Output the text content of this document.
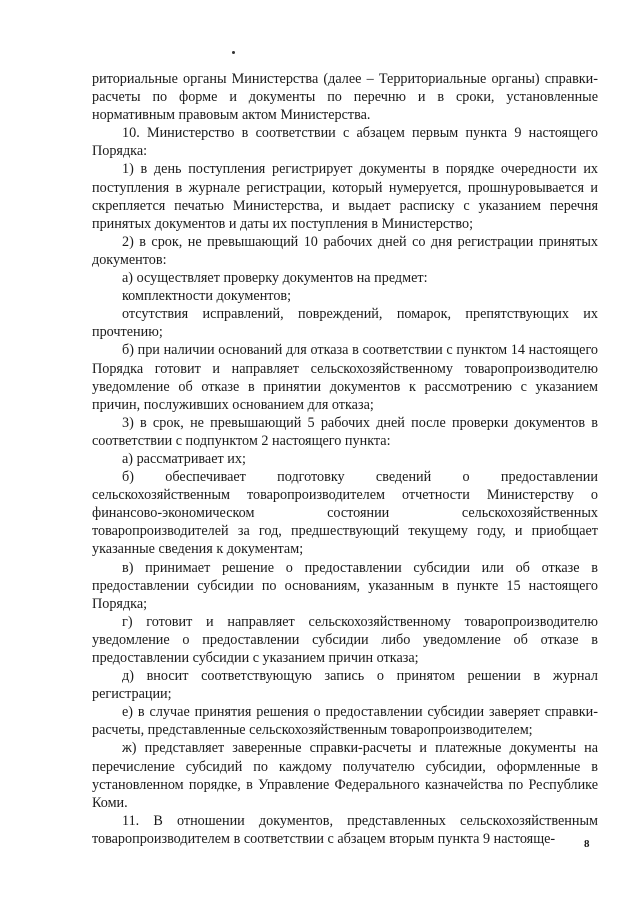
риториальные органы Министерства (далее – Территориальные органы) справки-расчеты по форме и документы по перечню и в сроки, установленные нормативным правовым актом Министерства.

10. Министерство в соответствии с абзацем первым пункта 9 настоящего Порядка:

1) в день поступления регистрирует документы в порядке очередности их поступления в журнале регистрации, который нумеруется, прошнуровывается и скрепляется печатью Министерства, и выдает расписку с указанием перечня принятых документов и даты их поступления в Министерство;

2) в срок, не превышающий 10 рабочих дней со дня регистрации принятых документов:

а) осуществляет проверку документов на предмет:

комплектности документов;

отсутствия исправлений, повреждений, помарок, препятствующих их прочтению;

б) при наличии оснований для отказа в соответствии с пунктом 14 настоящего Порядка готовит и направляет сельскохозяйственному товаропроизводителю уведомление об отказе в принятии документов к рассмотрению с указанием причин, послуживших основанием для отказа;

3) в срок, не превышающий 5 рабочих дней после проверки документов в соответствии с подпунктом 2 настоящего пункта:

а) рассматривает их;

б) обеспечивает подготовку сведений о предоставлении сельскохозяйственным товаропроизводителем отчетности Министерству о финансово-экономическом состоянии сельскохозяйственных товаропроизводителей за год, предшествующий текущему году, и приобщает указанные сведения к документам;

в) принимает решение о предоставлении субсидии или об отказе в предоставлении субсидии по основаниям, указанным в пункте 15 настоящего Порядка;

г) готовит и направляет сельскохозяйственному товаропроизводителю уведомление о предоставлении субсидии либо уведомление об отказе в предоставлении субсидии с указанием причин отказа;

д) вносит соответствующую запись о принятом решении в журнал регистрации;

е) в случае принятия решения о предоставлении субсидии заверяет справки-расчеты, представленные сельскохозяйственным товаропроизводителем;

ж) представляет заверенные справки-расчеты и платежные документы на перечисление субсидий по каждому получателю субсидии, оформленные в установленном порядке, в Управление Федерального казначейства по Республике Коми.

11. В отношении документов, представленных сельскохозяйственным товаропроизводителем в соответствии с абзацем вторым пункта 9 настояще-	8
